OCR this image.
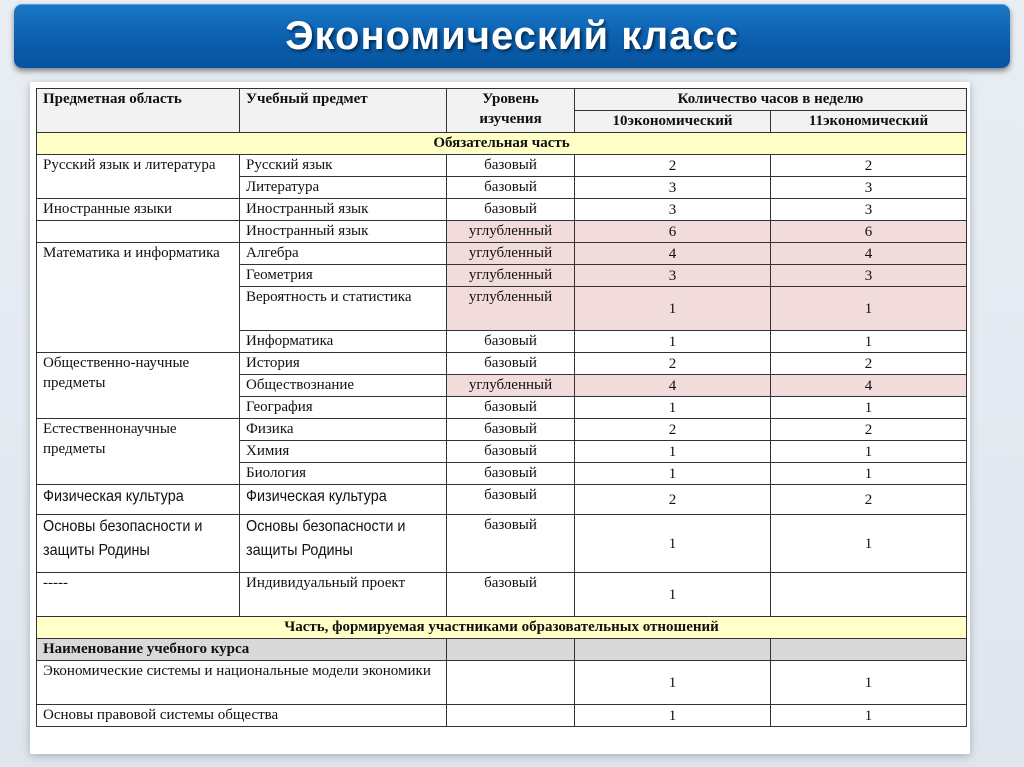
Экономический класс
Предметная область	Учебный предмет	Уровень изучения	Количество часов в неделю	
			10экономический	11экономический
Обязательная часть				
Русский язык и литература	Русский язык	базовый	2	2
	Литература	базовый	3	3
Иностранные языки	Иностранный язык	базовый	3	3
	Иностранный язык	углубленный	6	6
Математика и информатика	Алгебра	углубленный	4	4
	Геометрия	углубленный	3	3
	Вероятность и статистика	углубленный	1	1
	Информатика	базовый	1	1
Общественно-научные предметы	История	базовый	2	2
	Обществознание	углубленный	4	4
	География	базовый	1	1
Естественнонаучные предметы	Физика	базовый	2	2
	Химия	базовый	1	1
	Биология	базовый	1	1
Физическая культура	Физическая культура	базовый	2	2
Основы безопасности и защиты Родины	Основы безопасности и защиты Родины	базовый	1	1
-----	Индивидуальный проект	базовый	1	
Часть, формируемая участниками образовательных отношений				
Наименование учебного курса				
Экономические системы и национальные модели экономики			1	1
Основы правовой системы общества			1	1
